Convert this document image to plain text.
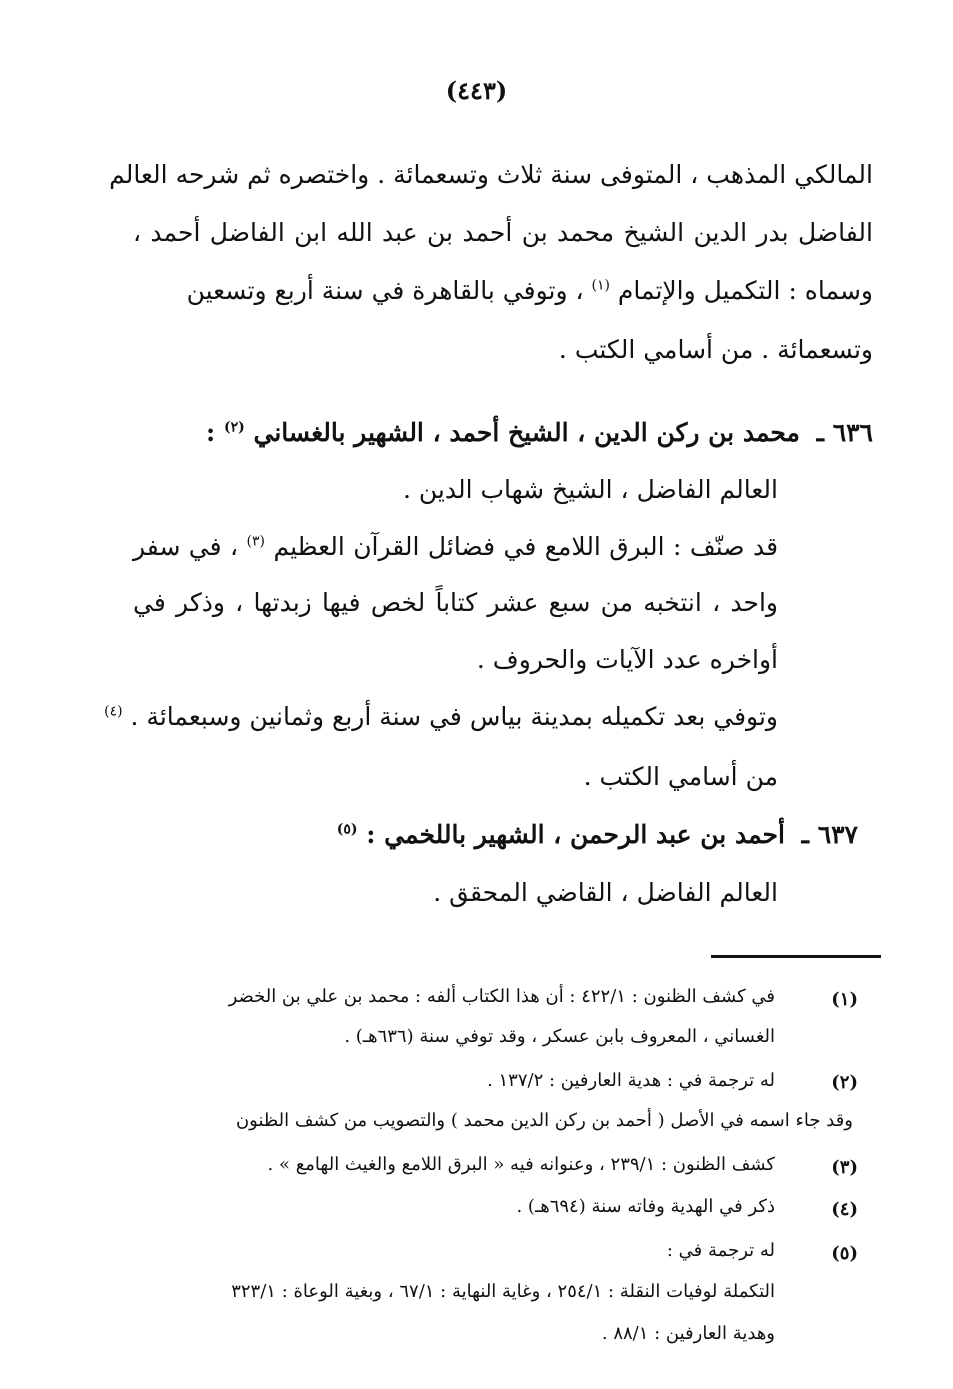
(٤٤٣)
المالكي المذهب ، المتوفى سنة ثلاث وتسعمائة . واختصره ثم شرحه العالم
الفاضل بدر الدين الشيخ محمد بن أحمد بن عبد الله ابن الفاضل أحمد ،
وسماه : التكميل والإتمام $^{(١)}$ ، وتوفي بالقاهرة في سنة أربع وتسعين
وتسعمائة . من أسامي الكتب .
٦٣٦ ـ محمد بن ركن الدين ، الشيخ أحمد ، الشهير بالغساني $^{(٢)}$ :
العالم الفاضل ، الشيخ شهاب الدين .
قد صنّف : البرق اللامع في فضائل القرآن العظيم $^{(٣)}$ ، في سفر
واحد ، انتخبه من سبع عشر كتاباً لخص فيها زبدتها ، وذكر في
أواخره عدد الآيات والحروف .
وتوفي بعد تكميله بمدينة بياس في سنة أربع وثمانين وسبعمائة . $^{(٤)}$
من أسامي الكتب .
٦٣٧ ـ أحمد بن عبد الرحمن ، الشهير باللخمي : $^{(٥)}$
العالم الفاضل ، القاضي المحقق .
(١)
في كشف الظنون : ٤٢٢/١ : أن هذا الكتاب ألفه : محمد بن علي بن الخضر
الغساني ، المعروف بابن عسكر ، وقد توفي سنة (٦٣٦هـ) .
(٢)
له ترجمة في : هدية العارفين : ١٣٧/٢ .
وقد جاء اسمه في الأصل ( أحمد بن ركن الدين محمد ) والتصويب من كشف الظنون
(٣)
كشف الظنون : ٢٣٩/١ ، وعنوانه فيه « البرق اللامع والغيث الهامع » .
(٤)
ذكر في الهدية وفاته سنة (٦٩٤هـ) .
(٥)
له ترجمة في :
التكملة لوفيات النقلة : ٢٥٤/١ ، وغاية النهاية : ٦٧/١ ، وبغية الوعاة : ٣٢٣/١
وهدية العارفين : ٨٨/١ .
